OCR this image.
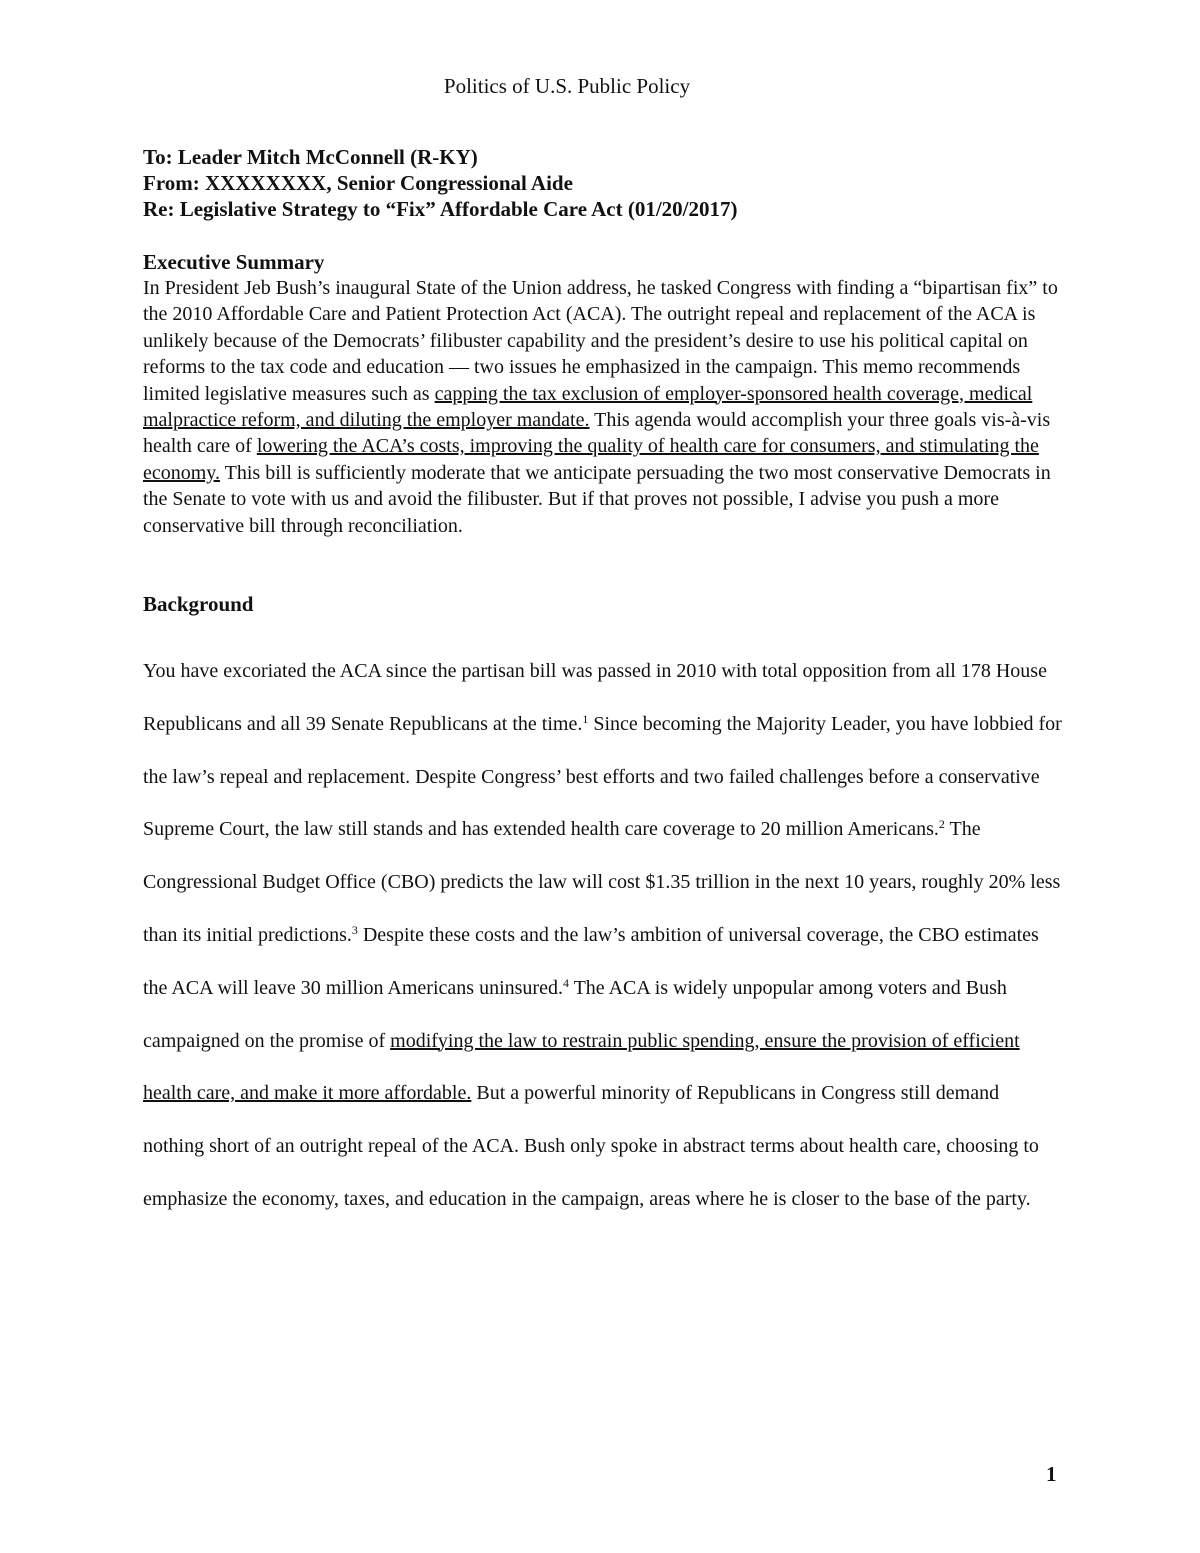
Politics of U.S. Public Policy
To: Leader Mitch McConnell (R-KY)
From: XXXXXXXX, Senior Congressional Aide
Re: Legislative Strategy to “Fix” Affordable Care Act (01/20/2017)
Executive Summary
In President Jeb Bush’s inaugural State of the Union address, he tasked Congress with finding a “bipartisan fix” to the 2010 Affordable Care and Patient Protection Act (ACA). The outright repeal and replacement of the ACA is unlikely because of the Democrats’ filibuster capability and the president’s desire to use his political capital on reforms to the tax code and education — two issues he emphasized in the campaign. This memo recommends limited legislative measures such as capping the tax exclusion of employer-sponsored health coverage, medical malpractice reform, and diluting the employer mandate. This agenda would accomplish your three goals vis-à-vis health care of lowering the ACA’s costs, improving the quality of health care for consumers, and stimulating the economy. This bill is sufficiently moderate that we anticipate persuading the two most conservative Democrats in the Senate to vote with us and avoid the filibuster. But if that proves not possible, I advise you push a more conservative bill through reconciliation.
Background
You have excoriated the ACA since the partisan bill was passed in 2010 with total opposition from all 178 House Republicans and all 39 Senate Republicans at the time.$^1$ Since becoming the Majority Leader, you have lobbied for the law’s repeal and replacement. Despite Congress’ best efforts and two failed challenges before a conservative Supreme Court, the law still stands and has extended health care coverage to 20 million Americans.$^2$ The Congressional Budget Office (CBO) predicts the law will cost $1.35 trillion in the next 10 years, roughly 20% less than its initial predictions.$^3$ Despite these costs and the law’s ambition of universal coverage, the CBO estimates the ACA will leave 30 million Americans uninsured.$^4$ The ACA is widely unpopular among voters and Bush campaigned on the promise of modifying the law to restrain public spending, ensure the provision of efficient health care, and make it more affordable. But a powerful minority of Republicans in Congress still demand nothing short of an outright repeal of the ACA. Bush only spoke in abstract terms about health care, choosing to emphasize the economy, taxes, and education in the campaign, areas where he is closer to the base of the party.
1
